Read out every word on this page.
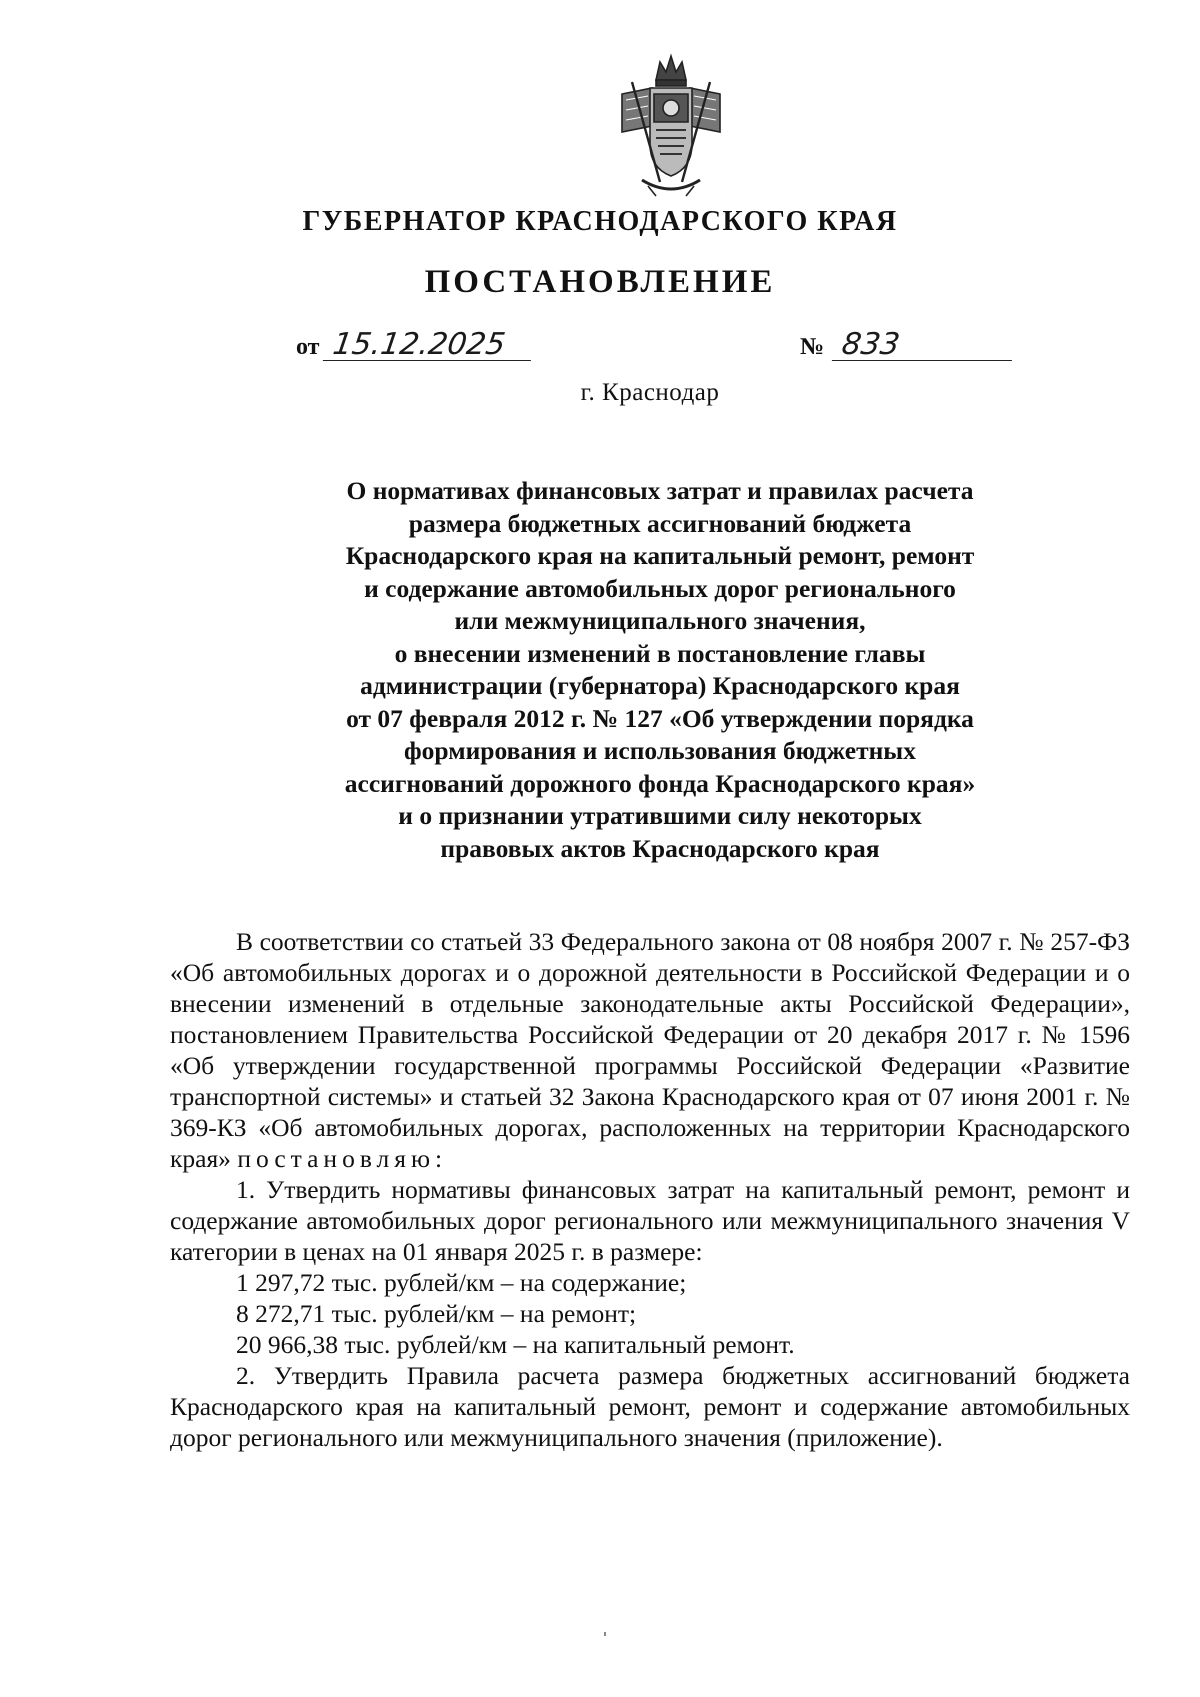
ГУБЕРНАТОР КРАСНОДАРСКОГО КРАЯ
ПОСТАНОВЛЕНИЕ
от 15.12.2025	№ 833
г. Краснодар
О нормативах финансовых затрат и правилах расчета
размера бюджетных ассигнований бюджета
Краснодарского края на капитальный ремонт, ремонт
и содержание автомобильных дорог регионального
или межмуниципального значения,
о внесении изменений в постановление главы
администрации (губернатора) Краснодарского края
от 07 февраля 2012 г. № 127 «Об утверждении порядка
формирования и использования бюджетных
ассигнований дорожного фонда Краснодарского края»
и о признании утратившими силу некоторых
правовых актов Краснодарского края

В соответствии со статьей 33 Федерального закона от 08 ноября 2007 г. № 257-ФЗ «Об автомобильных дорогах и о дорожной деятельности в Российской Федерации и о внесении изменений в отдельные законодательные акты Российской Федерации», постановлением Правительства Российской Федерации от 20 декабря 2017 г. № 1596 «Об утверждении государственной программы Российской Федерации «Развитие транспортной системы» и статьей 32 Закона Краснодарского края от 07 июня 2001 г. № 369-КЗ «Об автомобильных дорогах, расположенных на территории Краснодарского края» постановляю:

1. Утвердить нормативы финансовых затрат на капитальный ремонт, ремонт и содержание автомобильных дорог регионального или межмуниципального значения V категории в ценах на 01 января 2025 г. в размере:

1 297,72 тыс. рублей/км – на содержание;

8 272,71 тыс. рублей/км – на ремонт;

20 966,38 тыс. рублей/км – на капитальный ремонт.

2. Утвердить Правила расчета размера бюджетных ассигнований бюджета Краснодарского края на капитальный ремонт, ремонт и содержание автомобильных дорог регионального или межмуниципального значения (приложение).
